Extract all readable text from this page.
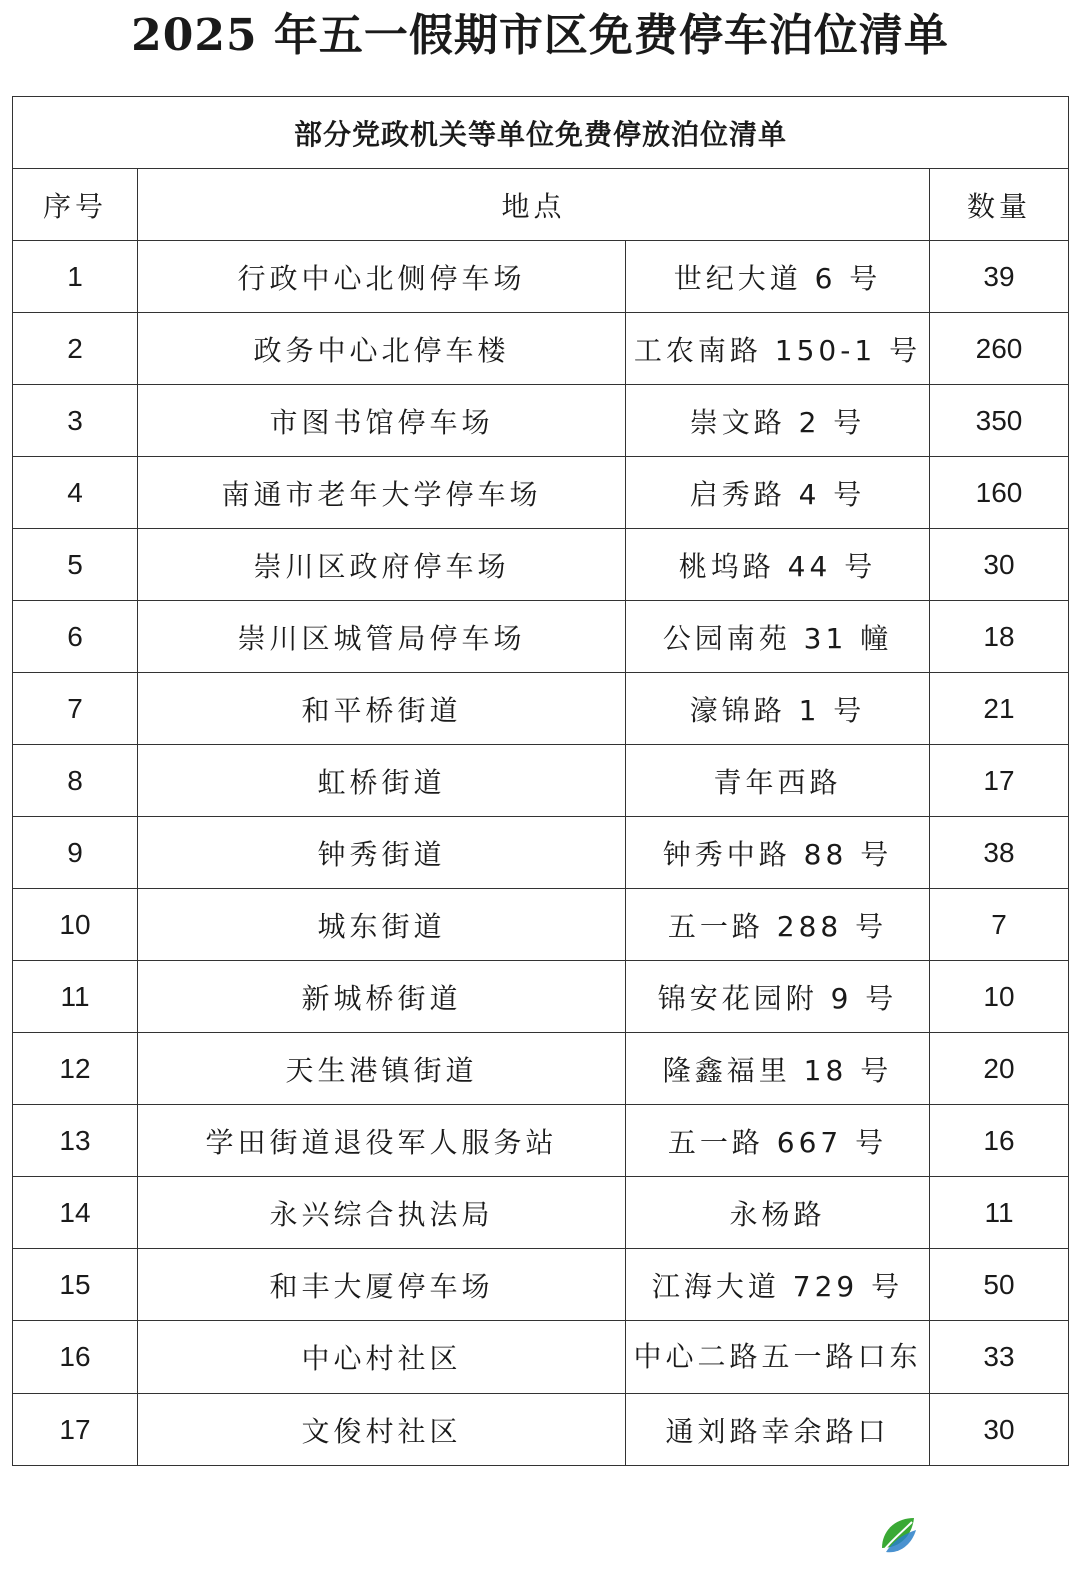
2025 年五一假期市区免费停车泊位清单
部分党政机关等单位免费停放泊位清单			
序号	地点		数量
1	行政中心北侧停车场	世纪大道 6 号	39
2	政务中心北停车楼	工农南路 150-1 号	260
3	市图书馆停车场	崇文路 2 号	350
4	南通市老年大学停车场	启秀路 4 号	160
5	崇川区政府停车场	桃坞路 44 号	30
6	崇川区城管局停车场	公园南苑 31 幢	18
7	和平桥街道	濠锦路 1 号	21
8	虹桥街道	青年西路	17
9	钟秀街道	钟秀中路 88 号	38
10	城东街道	五一路 288 号	7
11	新城桥街道	锦安花园附 9 号	10
12	天生港镇街道	隆鑫福里 18 号	20
13	学田街道退役军人服务站	五一路 667 号	16
14	永兴综合执法局	永杨路	11
15	和丰大厦停车场	江海大道 729 号	50
16	中心村社区	中心二路五一路口东	33
17	文俊村社区	通刘路幸余路口	30
